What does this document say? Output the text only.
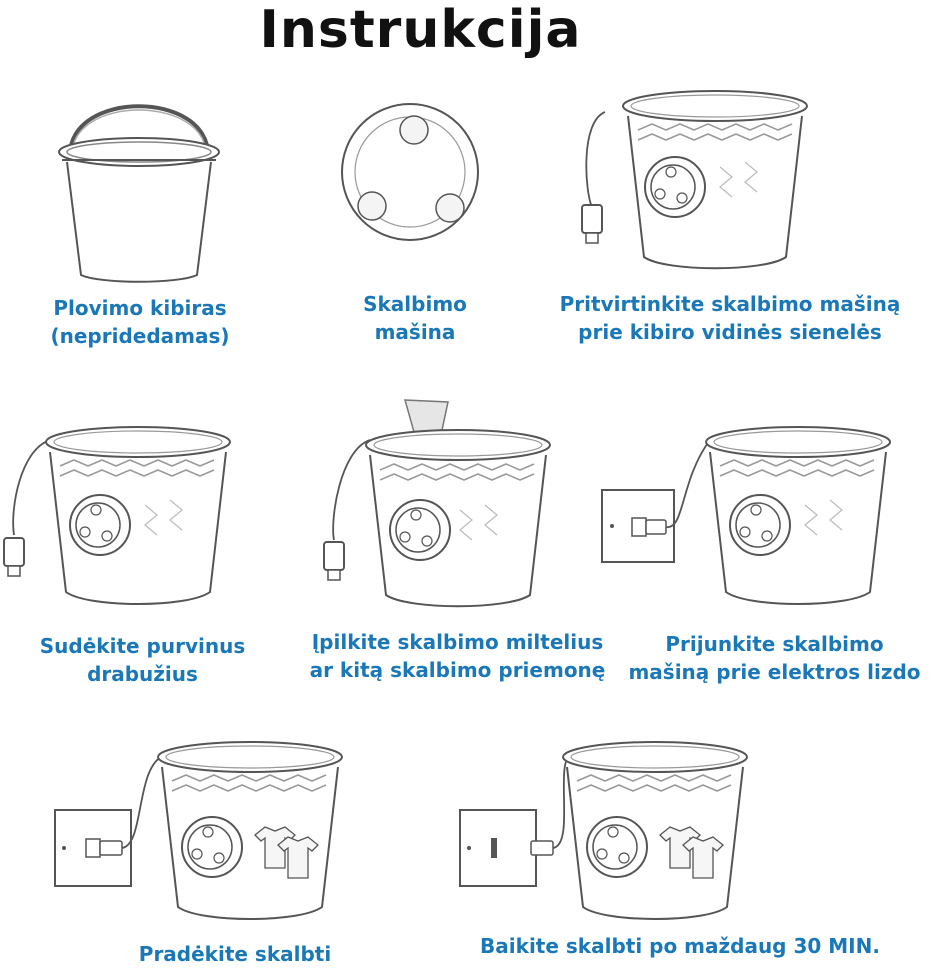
Instrukcija
Plovimo kibiras
(nepridedamas)
Skalbimo
mašina
Pritvirtinkite skalbimo mašiną
prie kibiro vidinės sienelės
Sudėkite purvinus
drabužius
Įpilkite skalbimo miltelius
ar kitą skalbimo priemonę
Prijunkite skalbimo
mašiną prie elektros lizdo
Pradėkite skalbti	Baikite skalbti po maždaug 30 MIN.
